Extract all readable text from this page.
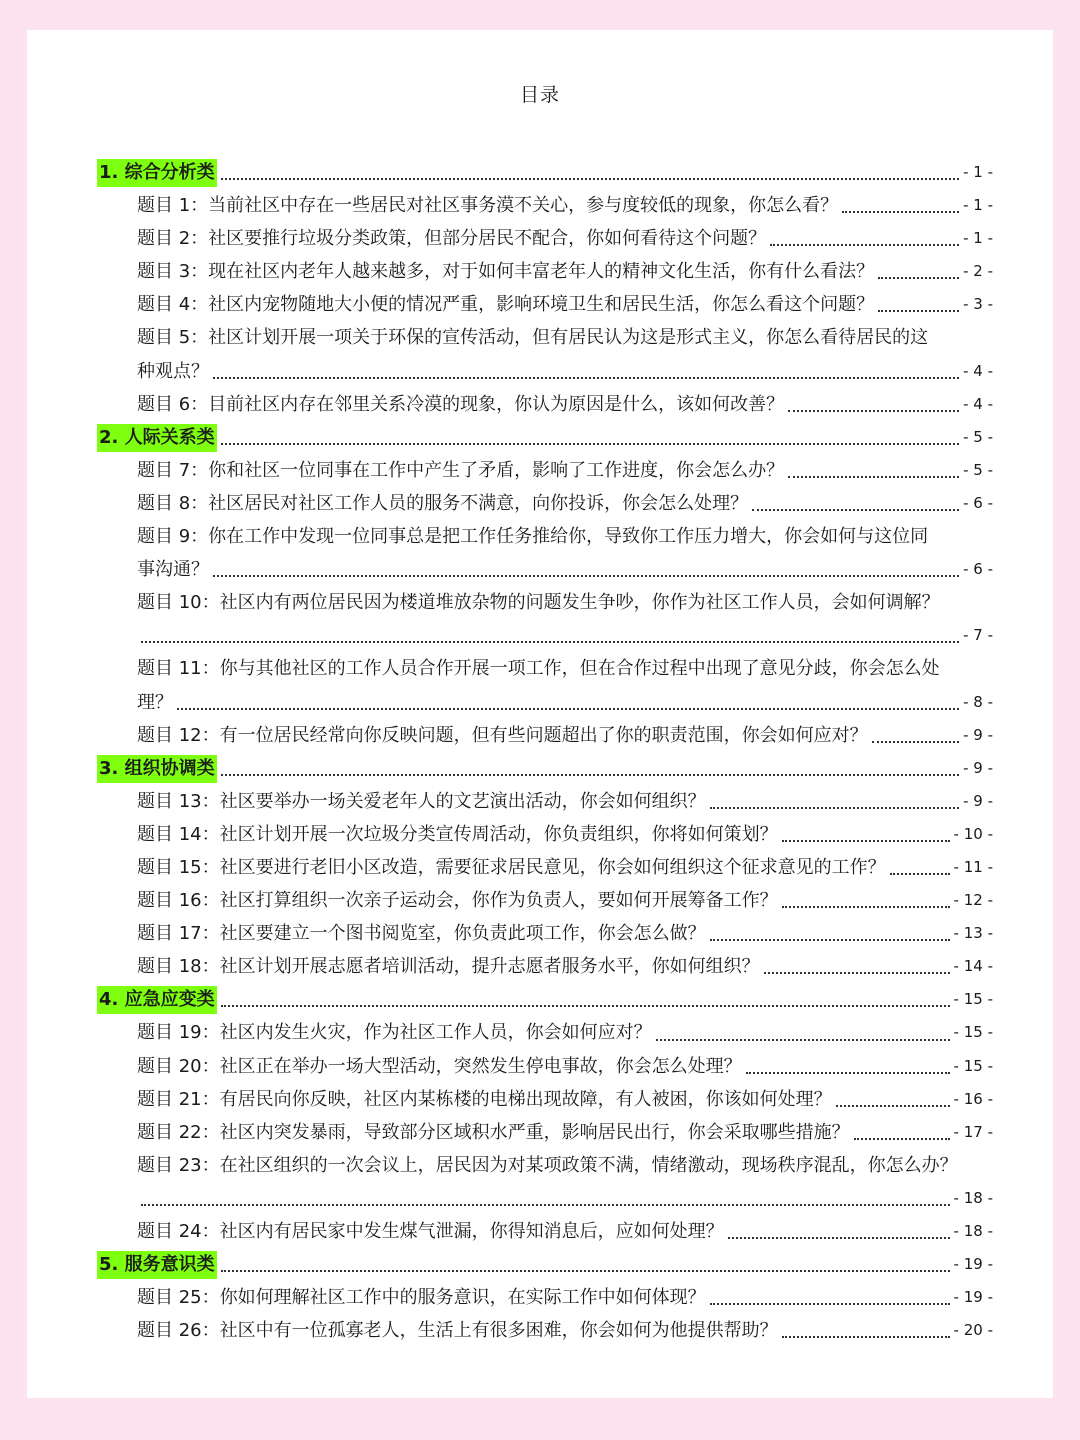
目录
1. 综合分析类	- 1 -
题目 1：当前社区中存在一些居民对社区事务漠不关心，参与度较低的现象，你怎么看？	- 1 -
题目 2：社区要推行垃圾分类政策，但部分居民不配合，你如何看待这个问题？	- 1 -
题目 3：现在社区内老年人越来越多，对于如何丰富老年人的精神文化生活，你有什么看法？	- 2 -
题目 4：社区内宠物随地大小便的情况严重，影响环境卫生和居民生活，你怎么看这个问题？	- 3 -
题目 5：社区计划开展一项关于环保的宣传活动，但有居民认为这是形式主义，你怎么看待居民的这
种观点？	- 4 -
题目 6：目前社区内存在邻里关系冷漠的现象，你认为原因是什么，该如何改善？	- 4 -
2. 人际关系类	- 5 -
题目 7：你和社区一位同事在工作中产生了矛盾，影响了工作进度，你会怎么办？	- 5 -
题目 8：社区居民对社区工作人员的服务不满意，向你投诉，你会怎么处理？	- 6 -
题目 9：你在工作中发现一位同事总是把工作任务推给你，导致你工作压力增大，你会如何与这位同
事沟通？	- 6 -
题目 10：社区内有两位居民因为楼道堆放杂物的问题发生争吵，你作为社区工作人员，会如何调解？
- 7 -
题目 11：你与其他社区的工作人员合作开展一项工作，但在合作过程中出现了意见分歧，你会怎么处
理？	- 8 -
题目 12：有一位居民经常向你反映问题，但有些问题超出了你的职责范围，你会如何应对？	- 9 -
3. 组织协调类	- 9 -
题目 13：社区要举办一场关爱老年人的文艺演出活动，你会如何组织？	- 9 -
题目 14：社区计划开展一次垃圾分类宣传周活动，你负责组织，你将如何策划？	- 10 -
题目 15：社区要进行老旧小区改造，需要征求居民意见，你会如何组织这个征求意见的工作？	- 11 -
题目 16：社区打算组织一次亲子运动会，你作为负责人，要如何开展筹备工作？	- 12 -
题目 17：社区要建立一个图书阅览室，你负责此项工作，你会怎么做？	- 13 -
题目 18：社区计划开展志愿者培训活动，提升志愿者服务水平，你如何组织？	- 14 -
4. 应急应变类	- 15 -
题目 19：社区内发生火灾，作为社区工作人员，你会如何应对？	- 15 -
题目 20：社区正在举办一场大型活动，突然发生停电事故，你会怎么处理？	- 15 -
题目 21：有居民向你反映，社区内某栋楼的电梯出现故障，有人被困，你该如何处理？	- 16 -
题目 22：社区内突发暴雨，导致部分区域积水严重，影响居民出行，你会采取哪些措施？	- 17 -
题目 23：在社区组织的一次会议上，居民因为对某项政策不满，情绪激动，现场秩序混乱，你怎么办？
- 18 -
题目 24：社区内有居民家中发生煤气泄漏，你得知消息后，应如何处理？	- 18 -
5. 服务意识类	- 19 -
题目 25：你如何理解社区工作中的服务意识，在实际工作中如何体现？	- 19 -
题目 26：社区中有一位孤寡老人，生活上有很多困难，你会如何为他提供帮助？	- 20 -
